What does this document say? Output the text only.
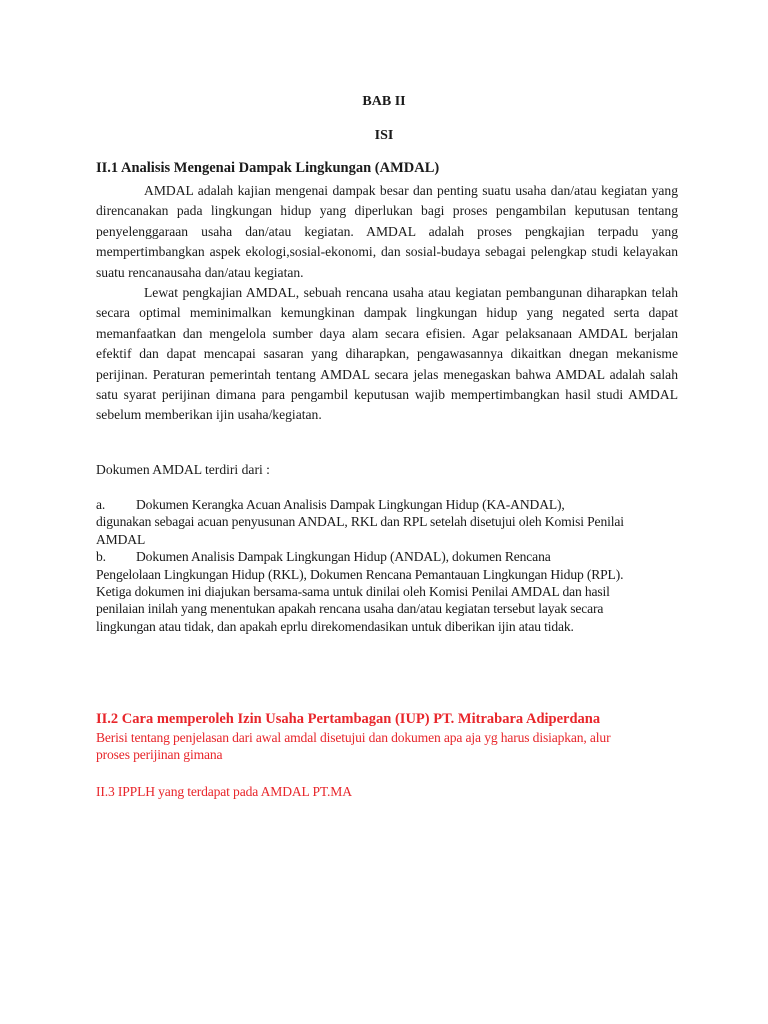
BAB II
ISI
II.1 Analisis Mengenai Dampak Lingkungan (AMDAL)

AMDAL adalah kajian mengenai dampak besar dan penting suatu usaha dan/atau kegiatan yang direncanakan pada lingkungan hidup yang diperlukan bagi proses pengambilan keputusan tentang penyelenggaraan usaha dan/atau kegiatan. AMDAL adalah proses pengkajian terpadu yang mempertimbangkan aspek ekologi,sosial-ekonomi, dan sosial-budaya sebagai pelengkap studi kelayakan suatu rencanausaha dan/atau kegiatan.

Lewat pengkajian AMDAL, sebuah rencana usaha atau kegiatan pembangunan diharapkan telah secara optimal meminimalkan kemungkinan dampak lingkungan hidup yang negated serta dapat memanfaatkan dan mengelola sumber daya alam secara efisien. Agar pelaksanaan AMDAL berjalan efektif dan dapat mencapai sasaran yang diharapkan, pengawasannya dikaitkan dnegan mekanisme perijinan. Peraturan pemerintah tentang AMDAL secara jelas menegaskan bahwa AMDAL adalah salah satu syarat perijinan dimana para pengambil keputusan wajib mempertimbangkan hasil studi AMDAL sebelum memberikan ijin usaha/kegiatan.

Dokumen AMDAL terdiri dari :
a. Dokumen Kerangka Acuan Analisis Dampak Lingkungan Hidup (KA-ANDAL),
digunakan sebagai acuan penyusunan ANDAL, RKL dan RPL setelah disetujui oleh Komisi Penilai AMDAL
b. Dokumen Analisis Dampak Lingkungan Hidup (ANDAL), dokumen Rencana
Pengelolaan Lingkungan Hidup (RKL), Dokumen Rencana Pemantauan Lingkungan Hidup (RPL). Ketiga dokumen ini diajukan bersama-sama untuk dinilai oleh Komisi Penilai AMDAL dan hasil penilaian inilah yang menentukan apakah rencana usaha dan/atau kegiatan tersebut layak secara lingkungan atau tidak, dan apakah eprlu direkomendasikan untuk diberikan ijin atau tidak.
II.2 Cara memperoleh Izin Usaha Pertambagan (IUP) PT. Mitrabara Adiperdana
Berisi tentang penjelasan dari awal amdal disetujui dan dokumen apa aja yg harus disiapkan, alur proses perijinan gimana
II.3 IPPLH yang terdapat pada AMDAL PT.MA
